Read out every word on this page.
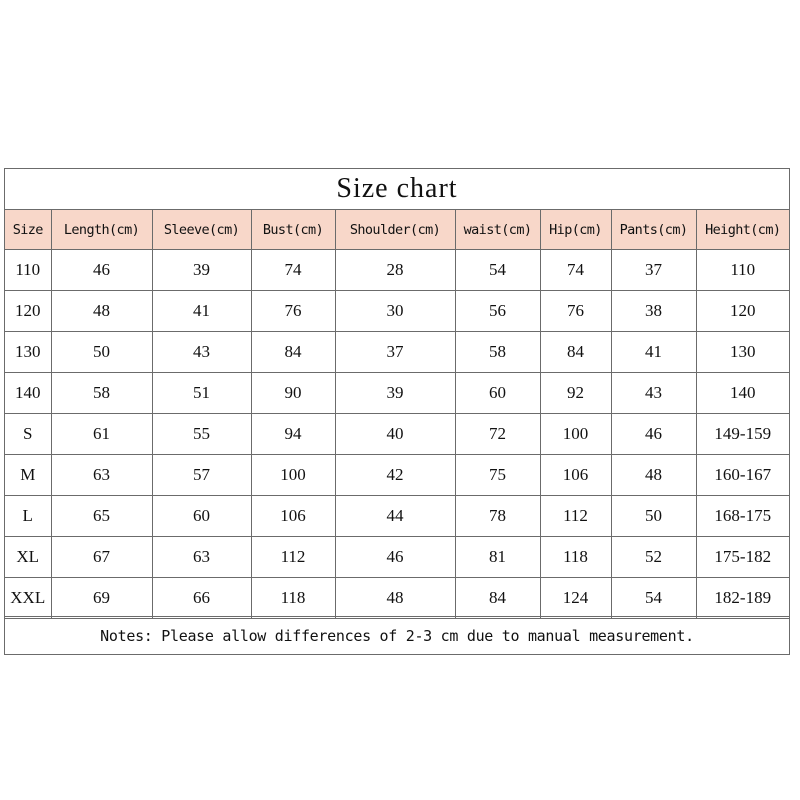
Size chart
Size	Length(cm)	Sleeve(cm)	Bust(cm)	Shoulder(cm)	waist(cm)	Hip(cm)	Pants(cm)	Height(cm)
110	46	39	74	28	54	74	37	110
120	48	41	76	30	56	76	38	120
130	50	43	84	37	58	84	41	130
140	58	51	90	39	60	92	43	140
S	61	55	94	40	72	100	46	149-159
M	63	57	100	42	75	106	48	160-167
L	65	60	106	44	78	112	50	168-175
XL	67	63	112	46	81	118	52	175-182
XXL	69	66	118	48	84	124	54	182-189
Notes: Please allow differences of 2-3 cm due to manual measurement.
